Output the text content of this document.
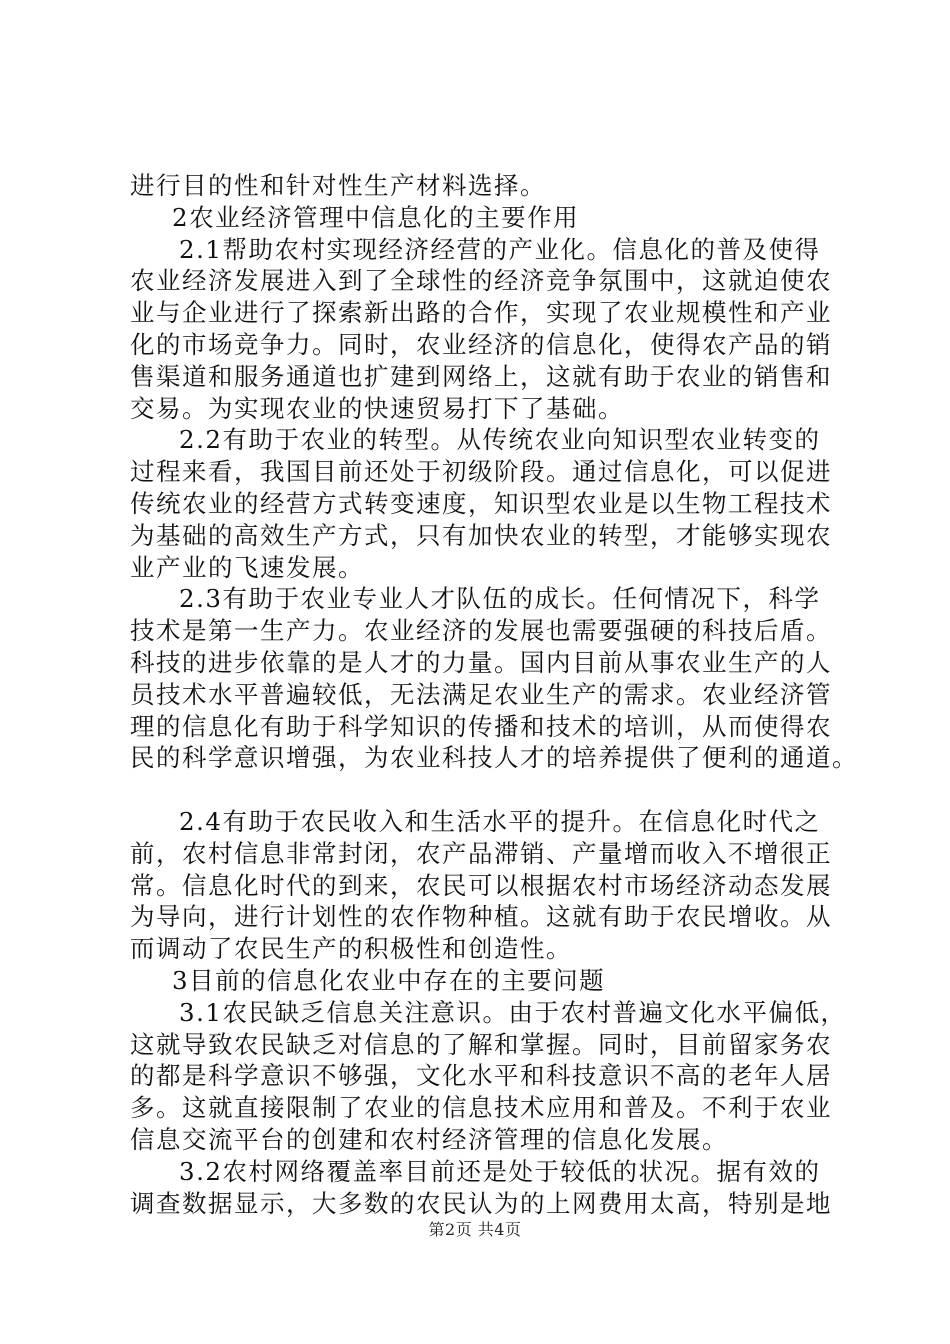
进行目的性和针对性生产材料选择。
2农业经济管理中信息化的主要作用
2.1帮助农村实现经济经营的产业化。信息化的普及使得
农业经济发展进入到了全球性的经济竞争氛围中，这就迫使农
业与企业进行了探索新出路的合作，实现了农业规模性和产业
化的市场竞争力。同时，农业经济的信息化，使得农产品的销
售渠道和服务通道也扩建到网络上，这就有助于农业的销售和
交易。为实现农业的快速贸易打下了基础。
2.2有助于农业的转型。从传统农业向知识型农业转变的
过程来看，我国目前还处于初级阶段。通过信息化，可以促进
传统农业的经营方式转变速度，知识型农业是以生物工程技术
为基础的高效生产方式，只有加快农业的转型，才能够实现农
业产业的飞速发展。
2.3有助于农业专业人才队伍的成长。任何情况下，科学
技术是第一生产力。农业经济的发展也需要强硬的科技后盾。
科技的进步依靠的是人才的力量。国内目前从事农业生产的人
员技术水平普遍较低，无法满足农业生产的需求。农业经济管
理的信息化有助于科学知识的传播和技术的培训，从而使得农
民的科学意识增强，为农业科技人才的培养提供了便利的通道。
2.4有助于农民收入和生活水平的提升。在信息化时代之
前，农村信息非常封闭，农产品滞销、产量增而收入不增很正
常。信息化时代的到来，农民可以根据农村市场经济动态发展
为导向，进行计划性的农作物种植。这就有助于农民增收。从
而调动了农民生产的积极性和创造性。
3目前的信息化农业中存在的主要问题
3.1农民缺乏信息关注意识。由于农村普遍文化水平偏低，
这就导致农民缺乏对信息的了解和掌握。同时，目前留家务农
的都是科学意识不够强，文化水平和科技意识不高的老年人居
多。这就直接限制了农业的信息技术应用和普及。不利于农业
信息交流平台的创建和农村经济管理的信息化发展。
3.2农村网络覆盖率目前还是处于较低的状况。据有效的
调查数据显示，大多数的农民认为的上网费用太高，特别是地
第2页 共4页
